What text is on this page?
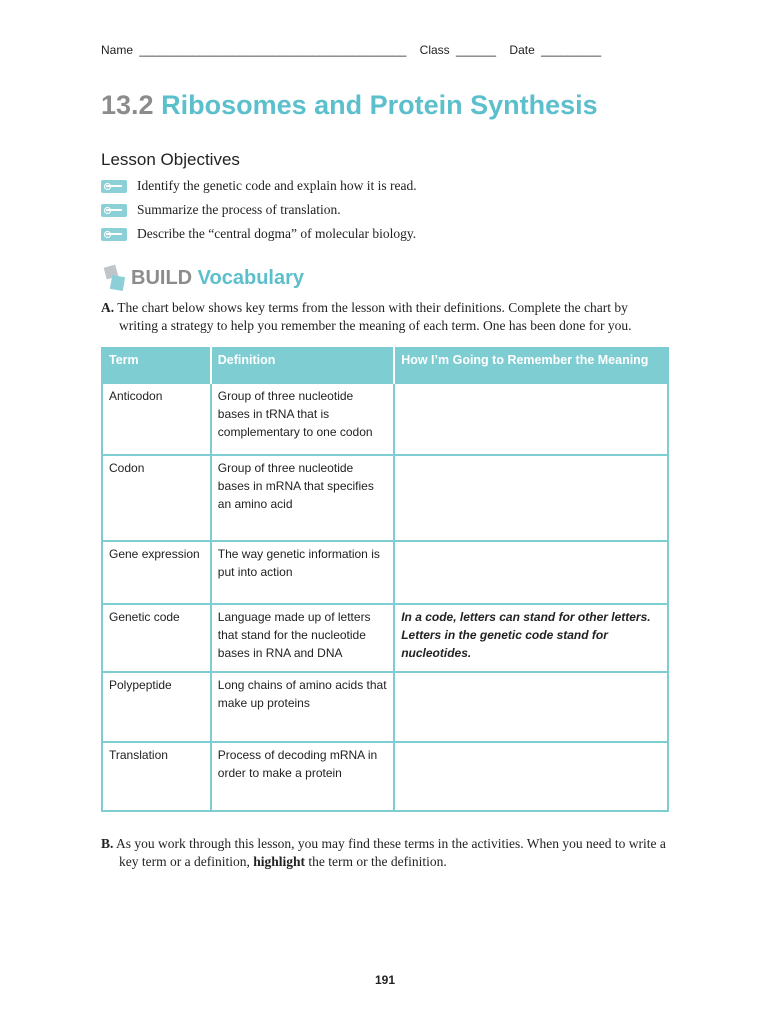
Name ________________________________________ Class ______ Date _________
13.2 Ribosomes and Protein Synthesis
Lesson Objectives
Identify the genetic code and explain how it is read.
Summarize the process of translation.
Describe the “central dogma” of molecular biology.
BUILD Vocabulary
A. The chart below shows key terms from the lesson with their definitions. Complete the chart by writing a strategy to help you remember the meaning of each term. One has been done for you.
Term	Definition	How I’m Going to Remember the Meaning
Anticodon	Group of three nucleotide bases in tRNA that is complementary to one codon	
Codon	Group of three nucleotide bases in mRNA that specifies an amino acid	
Gene expression	The way genetic information is put into action	
Genetic code	Language made up of letters that stand for the nucleotide bases in RNA and DNA	In a code, letters can stand for other letters. Letters in the genetic code stand for nucleotides.
Polypeptide	Long chains of amino acids that make up proteins	
Translation	Process of decoding mRNA in order to make a protein	
B. As you work through this lesson, you may find these terms in the activities. When you need to write a key term or a definition, highlight the term or the definition.
191
